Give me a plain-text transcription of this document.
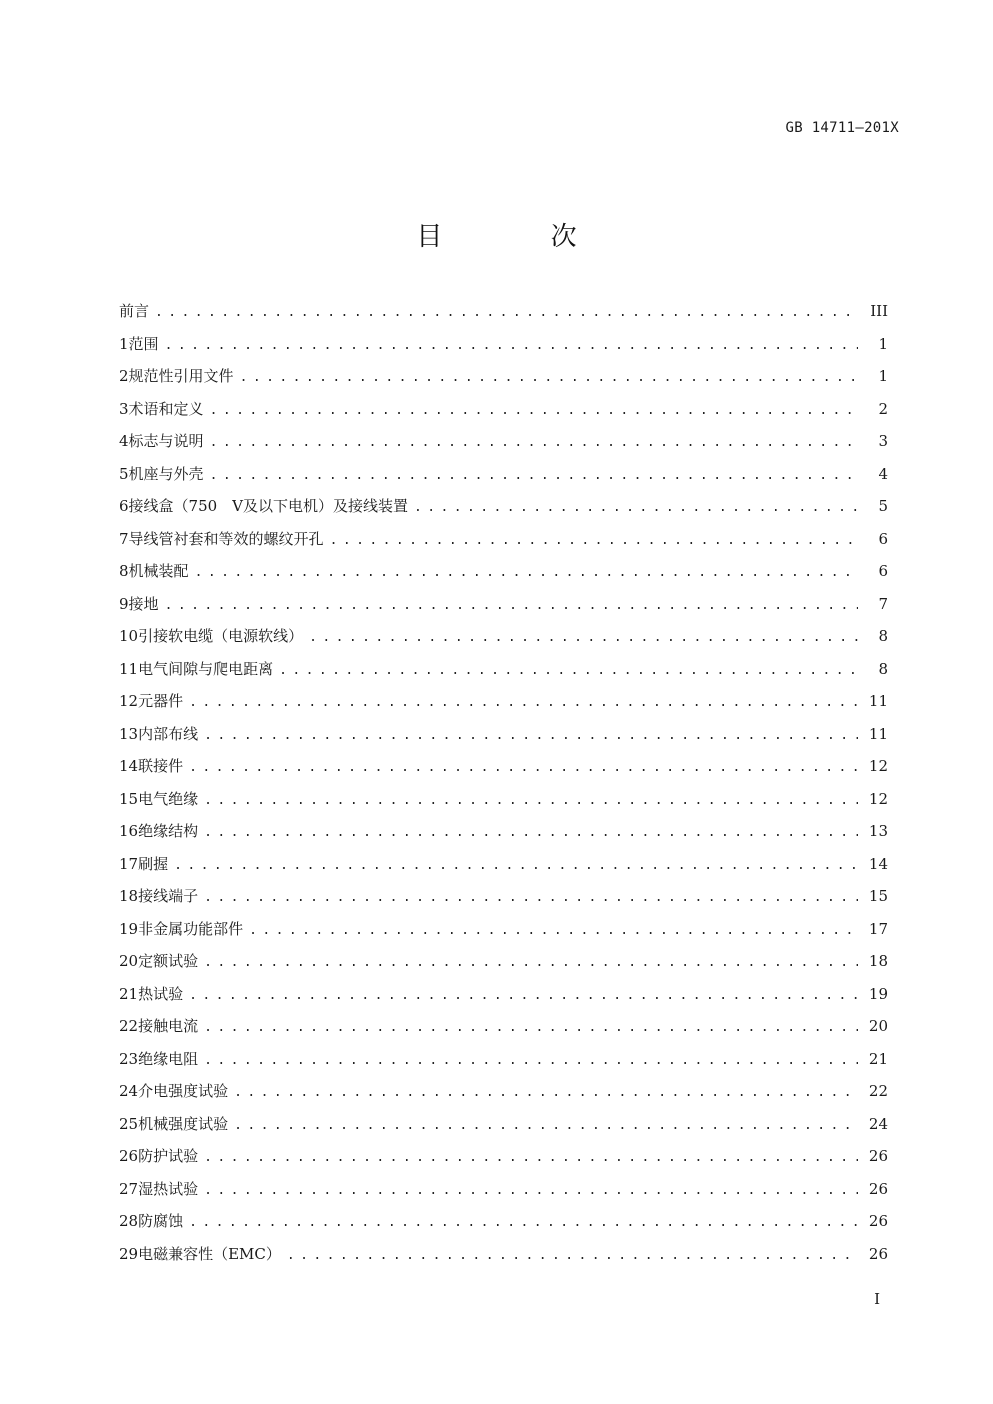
GB 14711—201X
目 次
前言 . . .	III
1 范围 . . .	1
2 规范性引用文件 . . .	1
3 术语和定义 . . .	2
4 标志与说明 . . .	3
5 机座与外壳 . . .	4
6 接线盒（750　V及以下电机）及接线装置 . . .	5
7 导线管衬套和等效的螺纹开孔 . . .	6
8 机械装配 . . .	6
9 接地 . . .	7
10 引接软电缆（电源软线） . . .	8
11 电气间隙与爬电距离 . . .	8
12 元器件 . . .	11
13 内部布线 . . .	11
14 联接件 . . .	12
15 电气绝缘 . . .	12
16 绝缘结构 . . .	13
17 刷握 . . .	14
18 接线端子 . . .	15
19 非金属功能部件 . . .	17
20 定额试验 . . .	18
21 热试验 . . .	19
22 接触电流 . . .	20
23 绝缘电阻 . . .	21
24 介电强度试验 . . .	22
25 机械强度试验 . . .	24
26 防护试验 . . .	26
27 湿热试验 . . .	26
28 防腐蚀 . . .	26
29 电磁兼容性（EMC） . . .	26
I
